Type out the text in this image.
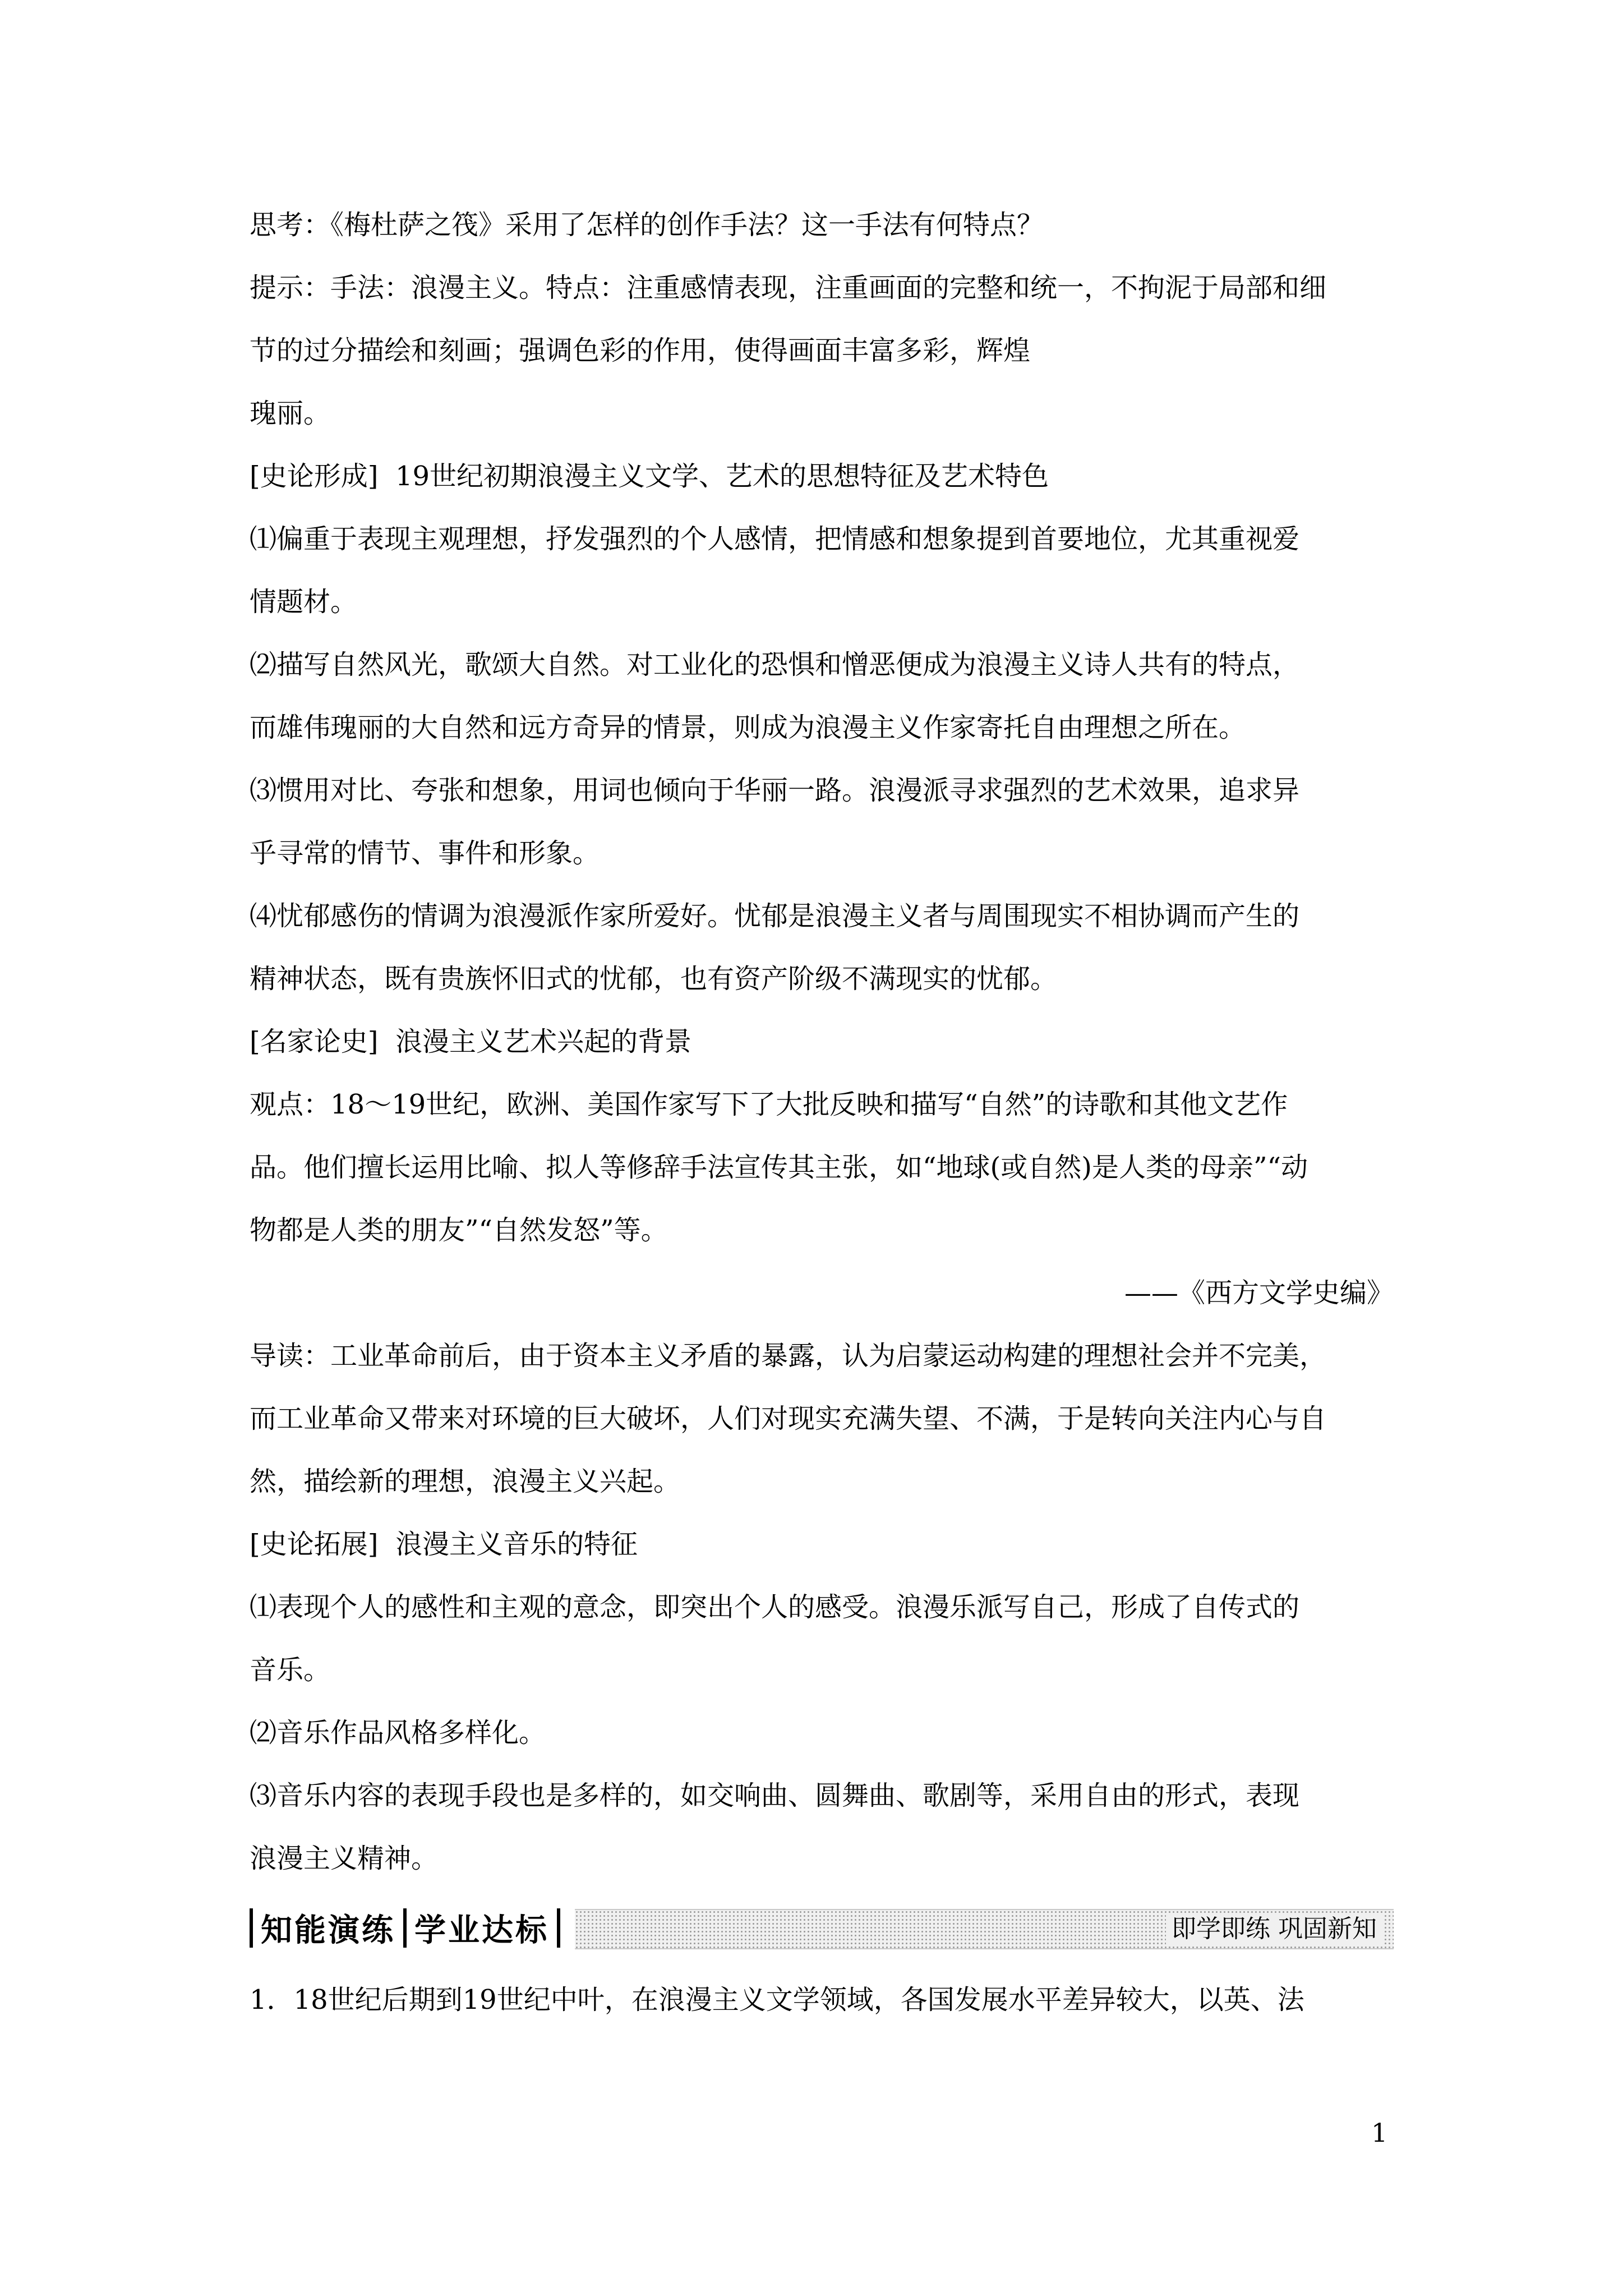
思考：《梅杜萨之筏》采用了怎样的创作手法？这一手法有何特点？

提示：手法：浪漫主义。特点：注重感情表现，注重画面的完整和统一，不拘泥于局部和细

节的过分描绘和刻画；强调色彩的作用，使得画面丰富多彩，辉煌

瑰丽。

[史论形成]  19世纪初期浪漫主义文学、艺术的思想特征及艺术特色

⑴偏重于表现主观理想，抒发强烈的个人感情，把情感和想象提到首要地位，尤其重视爱

情题材。

⑵描写自然风光，歌颂大自然。对工业化的恐惧和憎恶便成为浪漫主义诗人共有的特点，

而雄伟瑰丽的大自然和远方奇异的情景，则成为浪漫主义作家寄托自由理想之所在。

⑶惯用对比、夸张和想象，用词也倾向于华丽一路。浪漫派寻求强烈的艺术效果，追求异

乎寻常的情节、事件和形象。

⑷忧郁感伤的情调为浪漫派作家所爱好。忧郁是浪漫主义者与周围现实不相协调而产生的

精神状态，既有贵族怀旧式的忧郁，也有资产阶级不满现实的忧郁。

[名家论史]  浪漫主义艺术兴起的背景

观点：18～19世纪，欧洲、美国作家写下了大批反映和描写“自然”的诗歌和其他文艺作

品。他们擅长运用比喻、拟人等修辞手法宣传其主张，如“地球(或自然)是人类的母亲”“动

物都是人类的朋友”“自然发怒”等。

——《西方文学史编》

导读：工业革命前后，由于资本主义矛盾的暴露，认为启蒙运动构建的理想社会并不完美，

而工业革命又带来对环境的巨大破坏，人们对现实充满失望、不满，于是转向关注内心与自

然，描绘新的理想，浪漫主义兴起。

[史论拓展]  浪漫主义音乐的特征

⑴表现个人的感性和主观的意念，即突出个人的感受。浪漫乐派写自己，形成了自传式的

音乐。

⑵音乐作品风格多样化。

⑶音乐内容的表现手段也是多样的，如交响曲、圆舞曲、歌剧等，采用自由的形式，表现

浪漫主义精神。

知能演练 学业达标	即学即练 巩固新知

1．18世纪后期到19世纪中叶，在浪漫主义文学领域，各国发展水平差异较大，以英、法

1
